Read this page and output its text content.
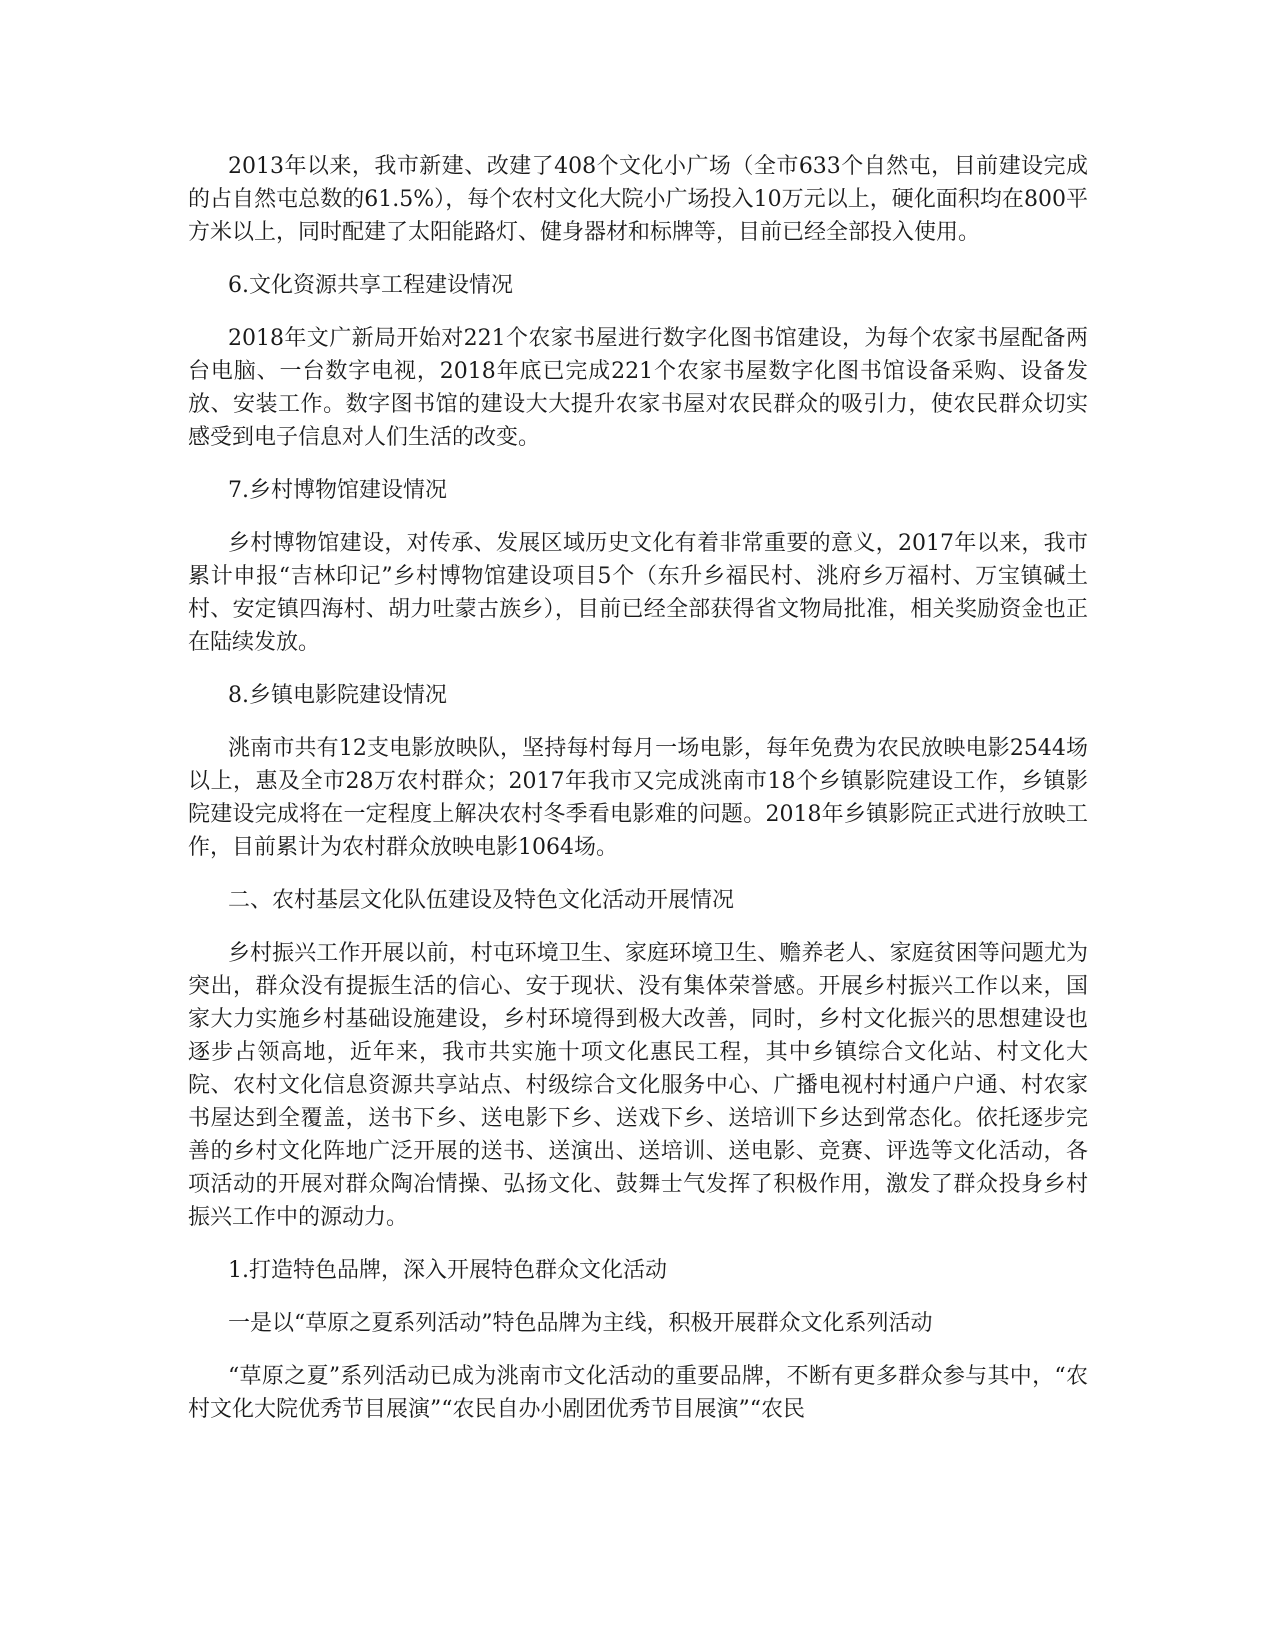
2013年以来，我市新建、改建了408个文化小广场（全市633个自然屯，目前建设完成的占自然屯总数的61.5%），每个农村文化大院小广场投入10万元以上，硬化面积均在800平方米以上，同时配建了太阳能路灯、健身器材和标牌等，目前已经全部投入使用。

6.文化资源共享工程建设情况

2018年文广新局开始对221个农家书屋进行数字化图书馆建设，为每个农家书屋配备两台电脑、一台数字电视，2018年底已完成221个农家书屋数字化图书馆设备采购、设备发放、安装工作。数字图书馆的建设大大提升农家书屋对农民群众的吸引力，使农民群众切实感受到电子信息对人们生活的改变。

7.乡村博物馆建设情况

乡村博物馆建设，对传承、发展区域历史文化有着非常重要的意义，2017年以来，我市累计申报“吉林印记”乡村博物馆建设项目5个（东升乡福民村、洮府乡万福村、万宝镇碱土村、安定镇四海村、胡力吐蒙古族乡），目前已经全部获得省文物局批准，相关奖励资金也正在陆续发放。

8.乡镇电影院建设情况

洮南市共有12支电影放映队，坚持每村每月一场电影，每年免费为农民放映电影2544场以上，惠及全市28万农村群众；2017年我市又完成洮南市18个乡镇影院建设工作，乡镇影院建设完成将在一定程度上解决农村冬季看电影难的问题。2018年乡镇影院正式进行放映工作，目前累计为农村群众放映电影1064场。

二、农村基层文化队伍建设及特色文化活动开展情况

乡村振兴工作开展以前，村屯环境卫生、家庭环境卫生、赡养老人、家庭贫困等问题尤为突出，群众没有提振生活的信心、安于现状、没有集体荣誉感。开展乡村振兴工作以来，国家大力实施乡村基础设施建设，乡村环境得到极大改善，同时，乡村文化振兴的思想建设也逐步占领高地，近年来，我市共实施十项文化惠民工程，其中乡镇综合文化站、村文化大院、农村文化信息资源共享站点、村级综合文化服务中心、广播电视村村通户户通、村农家书屋达到全覆盖，送书下乡、送电影下乡、送戏下乡、送培训下乡达到常态化。依托逐步完善的乡村文化阵地广泛开展的送书、送演出、送培训、送电影、竞赛、评选等文化活动，各项活动的开展对群众陶冶情操、弘扬文化、鼓舞士气发挥了积极作用，激发了群众投身乡村振兴工作中的源动力。

1.打造特色品牌，深入开展特色群众文化活动

一是以“草原之夏系列活动”特色品牌为主线，积极开展群众文化系列活动

“草原之夏”系列活动已成为洮南市文化活动的重要品牌，不断有更多群众参与其中，“农村文化大院优秀节目展演”“农民自办小剧团优秀节目展演”“农民
